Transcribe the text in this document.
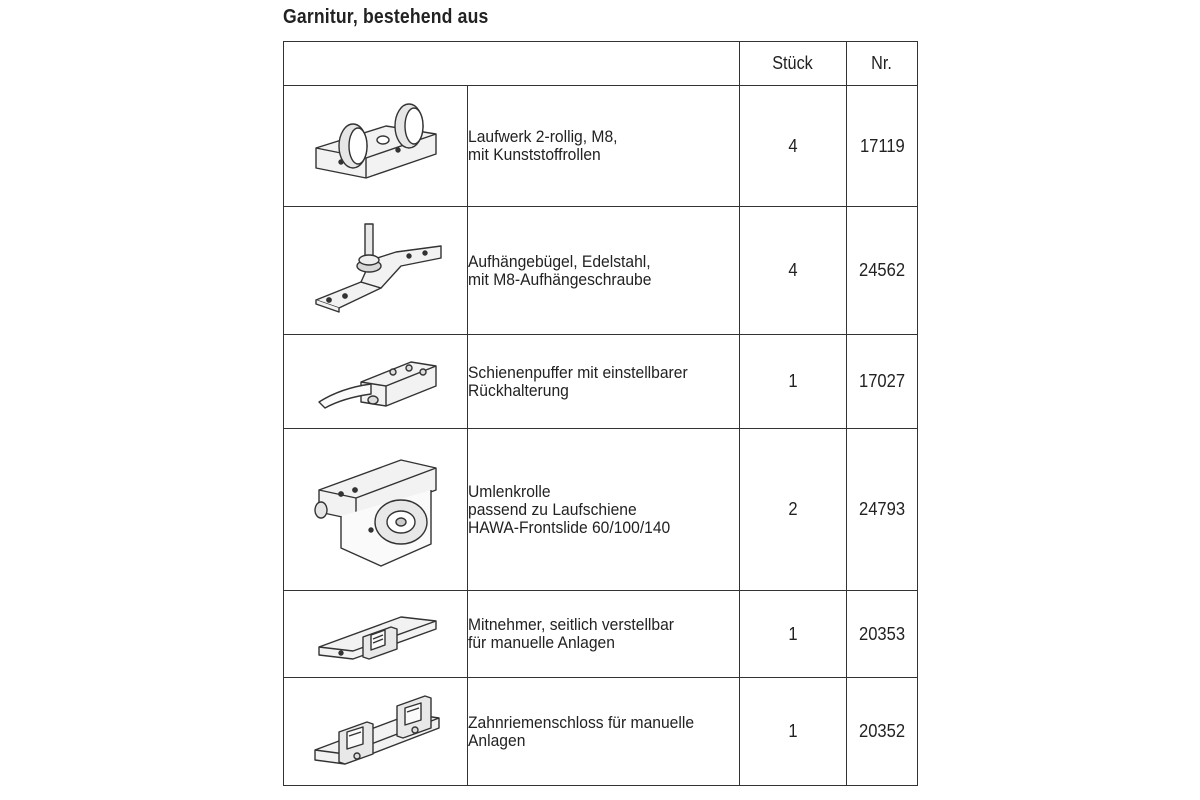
Garnitur, bestehend aus
		Stück	Nr.

	Laufwerk 2-rollig, M8,
mit Kunststoffrollen	4	17119

	Aufhängebügel, Edelstahl,
mit M8-Aufhängeschraube	4	24562

	Schienenpuffer mit einstellbarer
Rückhalterung	1	17027

	Umlenkrolle
passend zu Laufschiene
HAWA-Frontslide 60/100/140	2	24793

	Mitnehmer, seitlich verstellbar
für manuelle Anlagen	1	20353

	Zahnriemenschloss für manuelle
Anlagen	1	20352
